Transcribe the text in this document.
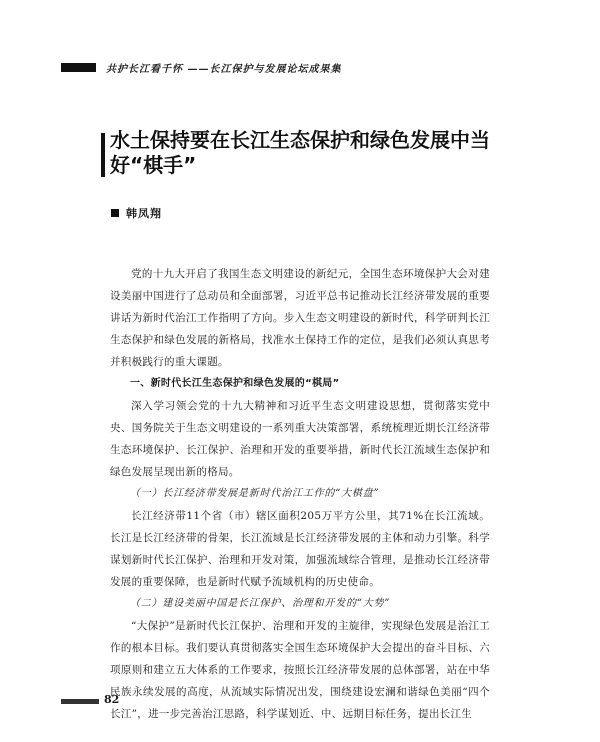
共护长江看千怀 ——长江保护与发展论坛成果集
水土保持要在长江生态保护和绿色发展中当好“棋手”
韩凤翔

党的十九大开启了我国生态文明建设的新纪元，全国生态环境保护大会对建设美丽中国进行了总动员和全面部署，习近平总书记推动长江经济带发展的重要讲话为新时代治江工作指明了方向。步入生态文明建设的新时代，科学研判长江生态保护和绿色发展的新格局，找准水土保持工作的定位，是我们必须认真思考并积极践行的重大课题。

一、新时代长江生态保护和绿色发展的“棋局”

深入学习领会党的十九大精神和习近平生态文明建设思想，贯彻落实党中央、国务院关于生态文明建设的一系列重大决策部署，系统梳理近期长江经济带生态环境保护、长江保护、治理和开发的重要举措，新时代长江流域生态保护和绿色发展呈现出新的格局。

（一）长江经济带发展是新时代治江工作的“大棋盘”

长江经济带11个省（市）辖区面积205万平方公里，其71%在长江流域。长江是长江经济带的骨架，长江流域是长江经济带发展的主体和动力引擎。科学谋划新时代长江保护、治理和开发对策，加强流域综合管理，是推动长江经济带发展的重要保障，也是新时代赋予流域机构的历史使命。

（二）建设美丽中国是长江保护、治理和开发的“大势”

“大保护”是新时代长江保护、治理和开发的主旋律，实现绿色发展是治江工作的根本目标。我们要认真贯彻落实全国生态环境保护大会提出的奋斗目标、六项原则和建立五大体系的工作要求，按照长江经济带发展的总体部署，站在中华民族永续发展的高度，从流域实际情况出发，围绕建设宏澜和谐绿色美丽“四个长江”，进一步完善治江思路，科学谋划近、中、远期目标任务，提出长江生

82
